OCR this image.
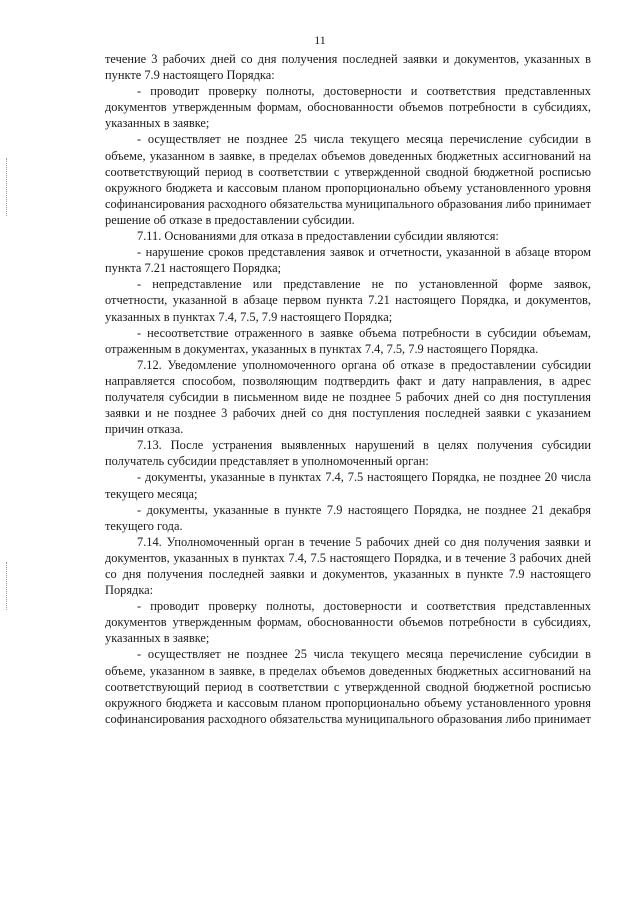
11

течение 3 рабочих дней со дня получения последней заявки и документов, указанных в пункте 7.9 настоящего Порядка:

- проводит проверку полноты, достоверности и соответствия представленных документов утвержденным формам, обоснованности объемов потребности в субсидиях, указанных в заявке;

- осуществляет не позднее 25 числа текущего месяца перечисление субсидии в объеме, указанном в заявке, в пределах объемов доведенных бюджетных ассигнований на соответствующий период в соответствии с утвержденной сводной бюджетной росписью окружного бюджета и кассовым планом пропорционально объему установленного уровня софинансирования расходного обязательства муниципального образования либо принимает решение об отказе в предоставлении субсидии.

7.11. Основаниями для отказа в предоставлении субсидии являются:

- нарушение сроков представления заявок и отчетности, указанной в абзаце втором пункта 7.21 настоящего Порядка;

- непредставление или представление не по установленной форме заявок, отчетности, указанной в абзаце первом пункта 7.21 настоящего Порядка, и документов, указанных в пунктах 7.4, 7.5, 7.9 настоящего Порядка;

- несоответствие отраженного в заявке объема потребности в субсидии объемам, отраженным в документах, указанных в пунктах 7.4, 7.5, 7.9 настоящего Порядка.

7.12. Уведомление уполномоченного органа об отказе в предоставлении субсидии направляется способом, позволяющим подтвердить факт и дату направления, в адрес получателя субсидии в письменном виде не позднее 5 рабочих дней со дня поступления заявки и не позднее 3 рабочих дней со дня поступления последней заявки с указанием причин отказа.

7.13. После устранения выявленных нарушений в целях получения субсидии получатель субсидии представляет в уполномоченный орган:

- документы, указанные в пунктах 7.4, 7.5 настоящего Порядка, не позднее 20 числа текущего месяца;

- документы, указанные в пункте 7.9 настоящего Порядка, не позднее 21 декабря текущего года.

7.14. Уполномоченный орган в течение 5 рабочих дней со дня получения заявки и документов, указанных в пунктах 7.4, 7.5 настоящего Порядка, и в течение 3 рабочих дней со дня получения последней заявки и документов, указанных в пункте 7.9 настоящего Порядка:

- проводит проверку полноты, достоверности и соответствия представленных документов утвержденным формам, обоснованности объемов потребности в субсидиях, указанных в заявке;

- осуществляет не позднее 25 числа текущего месяца перечисление субсидии в объеме, указанном в заявке, в пределах объемов доведенных бюджетных ассигнований на соответствующий период в соответствии с утвержденной сводной бюджетной росписью окружного бюджета и кассовым планом пропорционально объему установленного уровня софинансирования расходного обязательства муниципального образования либо принимает
